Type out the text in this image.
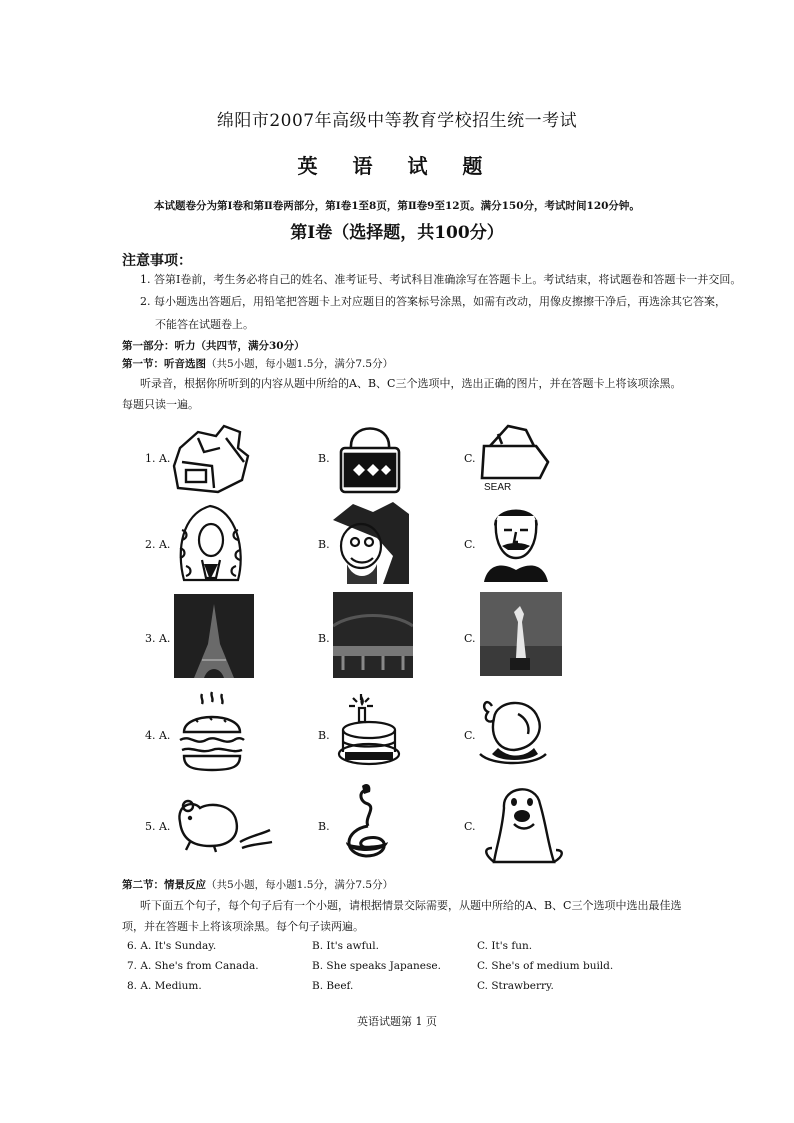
绵阳市2007年高级中等教育学校招生统一考试
英 语 试 题
本试题卷分为第Ⅰ卷和第Ⅱ卷两部分，第Ⅰ卷1至8页，第Ⅱ卷9至12页。满分150分，考试时间120分钟。
第Ⅰ卷（选择题，共100分）
注意事项：
1. 答第Ⅰ卷前，考生务必将自己的姓名、准考证号、考试科目准确涂写在答题卡上。考试结束，将试题卷和答题卡一并交回。
2. 每小题选出答题后，用铅笔把答题卡上对应题目的答案标号涂黑，如需有改动，用像皮擦擦干净后，再选涂其它答案，
不能答在试题卷上。
第一部分：听力（共四节，满分30分）
第一节：听音选图（共5小题，每小题1.5分，满分7.5分）
听录音，根据你所听到的内容从题中所给的A、B、C三个选项中，选出正确的图片，并在答题卡上将该项涂黑。每题只读一遍。
1. A.	B.	C.
SEAR
2. A.	B.	C.
3. A.	B.	C.
4. A.	B.	C.
5. A.	B.	C.
第二节：情景反应（共5小题，每小题1.5分，满分7.5分）
听下面五个句子，每个句子后有一个小题，请根据情景交际需要，从题中所给的A、B、C三个选项中选出最佳选项，并在答题卡上将该项涂黑。每个句子读两遍。
6. A. It's Sunday.	B. It's awful.	C. It's fun.
7. A. She's from Canada.	B. She speaks Japanese.	C. She's of medium build.
8. A. Medium.	B. Beef.	C. Strawberry.
英语试题第 1 页
